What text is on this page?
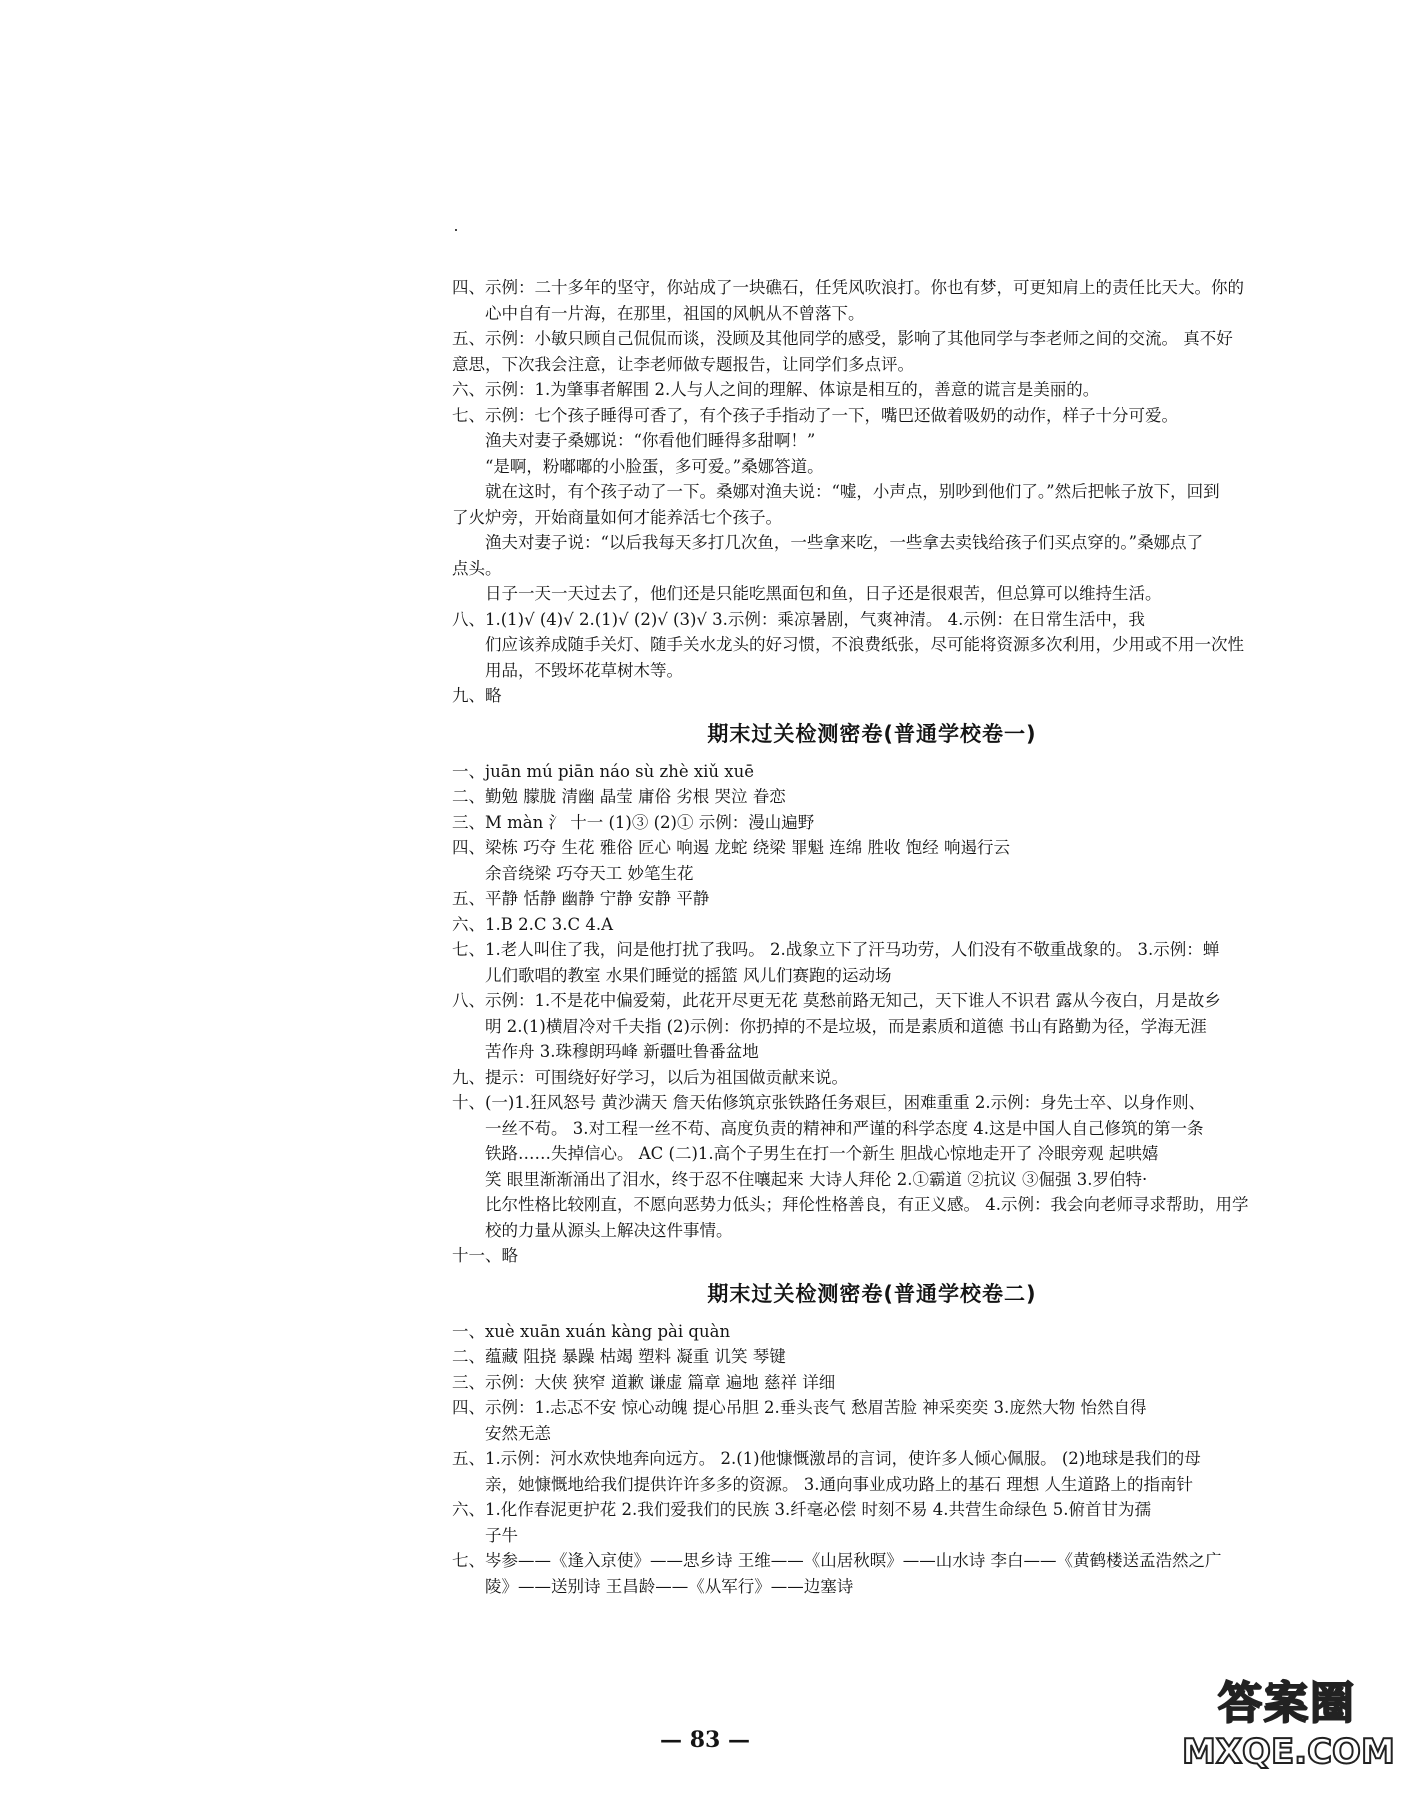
四、示例：二十多年的坚守，你站成了一块礁石，任凭风吹浪打。你也有梦，可更知肩上的责任比天大。你的
心中自有一片海，在那里，祖国的风帆从不曾落下。
五、示例：小敏只顾自己侃侃而谈，没顾及其他同学的感受，影响了其他同学与李老师之间的交流。 真不好
意思，下次我会注意，让李老师做专题报告，让同学们多点评。
六、示例：1.为肇事者解围 2.人与人之间的理解、体谅是相互的，善意的谎言是美丽的。
七、示例：七个孩子睡得可香了，有个孩子手指动了一下，嘴巴还做着吸奶的动作，样子十分可爱。
渔夫对妻子桑娜说：“你看他们睡得多甜啊！”
“是啊，粉嘟嘟的小脸蛋，多可爱。”桑娜答道。
就在这时，有个孩子动了一下。桑娜对渔夫说：“嘘，小声点，别吵到他们了。”然后把帐子放下，回到
了火炉旁，开始商量如何才能养活七个孩子。
渔夫对妻子说：“以后我每天多打几次鱼，一些拿来吃，一些拿去卖钱给孩子们买点穿的。”桑娜点了
点头。
日子一天一天过去了，他们还是只能吃黑面包和鱼，日子还是很艰苦，但总算可以维持生活。
八、1.(1)√ (4)√ 2.(1)√ (2)√ (3)√ 3.示例：乘凉暑剧，气爽神清。 4.示例：在日常生活中，我
们应该养成随手关灯、随手关水龙头的好习惯，不浪费纸张，尽可能将资源多次利用，少用或不用一次性
用品，不毁坏花草树木等。
九、略
期末过关检测密卷(普通学校卷一)
一、juān mú piān náo sù zhè xiǔ xuē
二、勤勉 朦胧 清幽 晶莹 庸俗 劣根 哭泣 眷恋
三、M màn 氵 十一 (1)③ (2)① 示例：漫山遍野
四、梁栋 巧夺 生花 雅俗 匠心 响遏 龙蛇 绕梁 罪魁 连绵 胜收 饱经 响遏行云
余音绕梁 巧夺天工 妙笔生花
五、平静 恬静 幽静 宁静 安静 平静
六、1.B 2.C 3.C 4.A
七、1.老人叫住了我，问是他打扰了我吗。 2.战象立下了汗马功劳，人们没有不敬重战象的。 3.示例：蝉
儿们歌唱的教室 水果们睡觉的摇篮 风儿们赛跑的运动场
八、示例：1.不是花中偏爱菊，此花开尽更无花 莫愁前路无知己，天下谁人不识君 露从今夜白，月是故乡
明 2.(1)横眉冷对千夫指 (2)示例：你扔掉的不是垃圾，而是素质和道德 书山有路勤为径，学海无涯
苦作舟 3.珠穆朗玛峰 新疆吐鲁番盆地
九、提示：可围绕好好学习，以后为祖国做贡献来说。
十、(一)1.狂风怒号 黄沙满天 詹天佑修筑京张铁路任务艰巨，困难重重 2.示例：身先士卒、以身作则、
一丝不苟。 3.对工程一丝不苟、高度负责的精神和严谨的科学态度 4.这是中国人自己修筑的第一条
铁路……失掉信心。 AC (二)1.高个子男生在打一个新生 胆战心惊地走开了 冷眼旁观 起哄嬉
笑 眼里渐渐涌出了泪水，终于忍不住嚷起来 大诗人拜伦 2.①霸道 ②抗议 ③倔强 3.罗伯特·
比尔性格比较刚直，不愿向恶势力低头；拜伦性格善良，有正义感。 4.示例：我会向老师寻求帮助，用学
校的力量从源头上解决这件事情。
十一、略
期末过关检测密卷(普通学校卷二)
一、xuè xuān xuán kàng pài quàn
二、蕴藏 阻挠 暴躁 枯竭 塑料 凝重 讥笑 琴键
三、示例：大侠 狭窄 道歉 谦虚 篇章 遍地 慈祥 详细
四、示例：1.忐忑不安 惊心动魄 提心吊胆 2.垂头丧气 愁眉苦脸 神采奕奕 3.庞然大物 怡然自得
安然无恙
五、1.示例：河水欢快地奔向远方。 2.(1)他慷慨激昂的言词，使许多人倾心佩服。 (2)地球是我们的母
亲，她慷慨地给我们提供许许多多的资源。 3.通向事业成功路上的基石 理想 人生道路上的指南针
六、1.化作春泥更护花 2.我们爱我们的民族 3.纤毫必偿 时刻不易 4.共营生命绿色 5.俯首甘为孺
子牛
七、岑参——《逢入京使》——思乡诗 王维——《山居秋暝》——山水诗 李白——《黄鹤楼送孟浩然之广
陵》——送别诗 王昌龄——《从军行》——边塞诗
— 83 —
答案圈
MXQE.COM
